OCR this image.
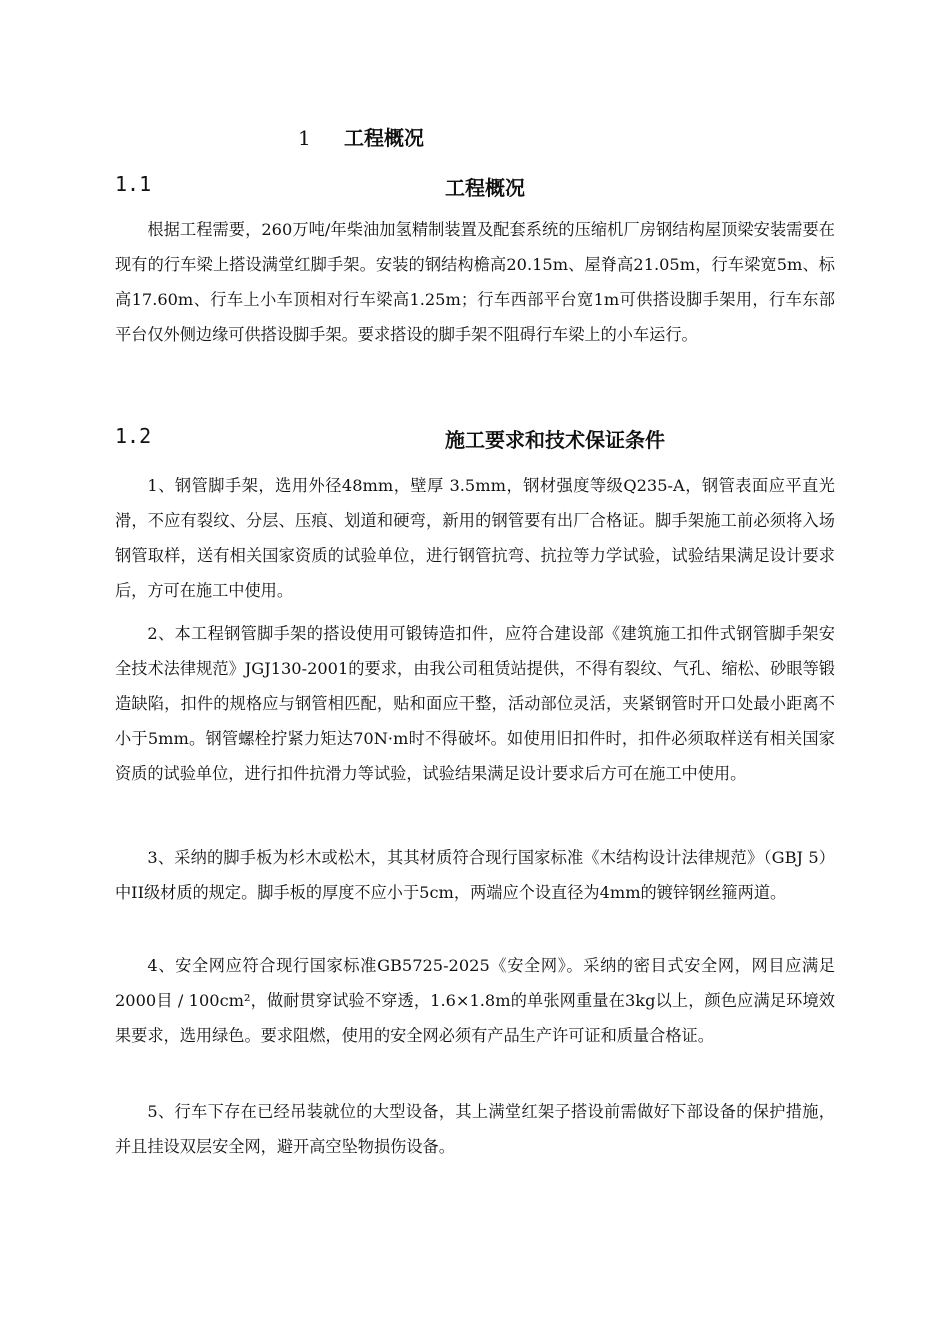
1 工程概况
1.1	工程概况

根据工程需要，260万吨/年柴油加氢精制装置及配套系统的压缩机厂房钢结构屋顶梁安装需要在现有的行车梁上搭设满堂红脚手架。安装的钢结构檐高20.15m、屋脊高21.05m，行车梁宽5m、标高17.60m、行车上小车顶相对行车梁高1.25m；行车西部平台宽1m可供搭设脚手架用，行车东部平台仅外侧边缘可供搭设脚手架。要求搭设的脚手架不阻碍行车梁上的小车运行。

1.2	施工要求和技术保证条件

1、钢管脚手架，选用外径48mm，壁厚 3.5mm，钢材强度等级Q235-A，钢管表面应平直光滑，不应有裂纹、分层、压痕、划道和硬弯，新用的钢管要有出厂合格证。脚手架施工前必须将入场钢管取样，送有相关国家资质的试验单位，进行钢管抗弯、抗拉等力学试验，试验结果满足设计要求后，方可在施工中使用。

2、本工程钢管脚手架的搭设使用可锻铸造扣件，应符合建设部《建筑施工扣件式钢管脚手架安全技术法律规范》JGJ130-2001的要求，由我公司租赁站提供，不得有裂纹、气孔、缩松、砂眼等锻造缺陷，扣件的规格应与钢管相匹配，贴和面应干整，活动部位灵活，夹紧钢管时开口处最小距离不小于5mm。钢管螺栓拧紧力矩达70N·m时不得破坏。如使用旧扣件时，扣件必须取样送有相关国家资质的试验单位，进行扣件抗滑力等试验，试验结果满足设计要求后方可在施工中使用。

3、采纳的脚手板为杉木或松木，其其材质符合现行国家标准《木结构设计法律规范》（GBJ 5）中II级材质的规定。脚手板的厚度不应小于5cm，两端应个设直径为4mm的镀锌钢丝箍两道。

4、安全网应符合现行国家标准GB5725-2025《安全网》。采纳的密目式安全网，网目应满足2000目 / 100cm²，做耐贯穿试验不穿透，1.6×1.8m的单张网重量在3kg以上，颜色应满足环境效果要求，选用绿色。要求阻燃，使用的安全网必须有产品生产许可证和质量合格证。

5、行车下存在已经吊装就位的大型设备，其上满堂红架子搭设前需做好下部设备的保护措施，并且挂设双层安全网，避开高空坠物损伤设备。
